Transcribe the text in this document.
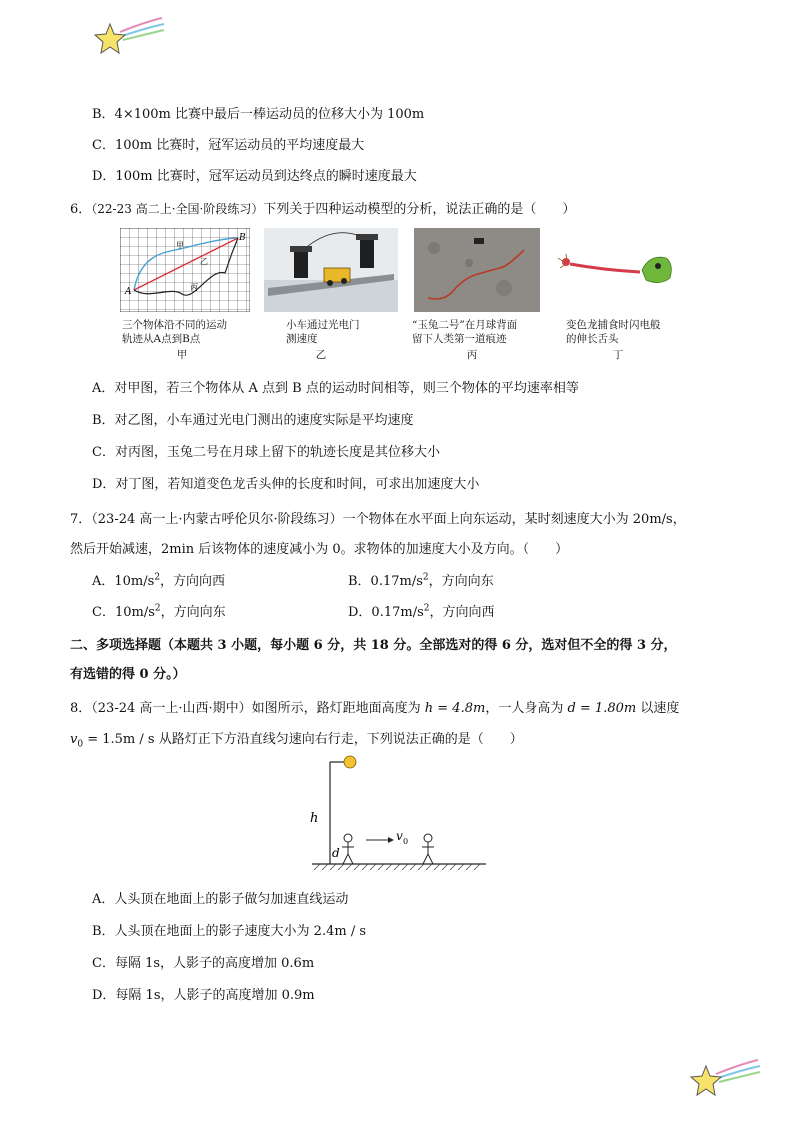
B．4×100m 比赛中最后一棒运动员的位移大小为 100m
C．100m 比赛时，冠军运动员的平均速度最大
D．100m 比赛时，冠军运动员到达终点的瞬时速度最大
6．（22-23 高二上·全国·阶段练习）下列关于四种运动模型的分析，说法正确的是（　　）
A
B
甲
乙
丙
三个物体沿不同的运动
轨迹从A点到B点
甲
小车通过光电门
测速度
乙
“玉兔二号”在月球背面
留下人类第一道痕迹
丙
变色龙捕食时闪电般
的伸长舌头
丁
A．对甲图，若三个物体从 A 点到 B 点的运动时间相等，则三个物体的平均速率相等
B．对乙图，小车通过光电门测出的速度实际是平均速度
C．对丙图，玉兔二号在月球上留下的轨迹长度是其位移大小
D．对丁图，若知道变色龙舌头伸的长度和时间，可求出加速度大小
7．（23-24 高一上·内蒙古呼伦贝尔·阶段练习）一个物体在水平面上向东运动，某时刻速度大小为 20m/s，
然后开始减速，2min 后该物体的速度减小为 0。求物体的加速度大小及方向。（　　）
A．$10m/s^2$，方向向西	B．$0.17m/s^2$，方向向东
C．$10m/s^2$，方向向东	D．$0.17m/s^2$，方向向西
二、多项选择题（本题共 3 小题，每小题 6 分，共 18 分。全部选对的得 6 分，选对但不全的得 3 分，
有选错的得 0 分。）
8．（23-24 高一上·山西·期中）如图所示，路灯距地面高度为 h = 4.8m，一人身高为 d = 1.80m 以速度
$v_0 = 1.5m / s$ 从路灯正下方沿直线匀速向右行走，下列说法正确的是（　　）
h
d
v 0
A．人头顶在地面上的影子做匀加速直线运动
B．人头顶在地面上的影子速度大小为 2.4m / s
C．每隔 1s，人影子的高度增加 0.6m
D．每隔 1s，人影子的高度增加 0.9m
